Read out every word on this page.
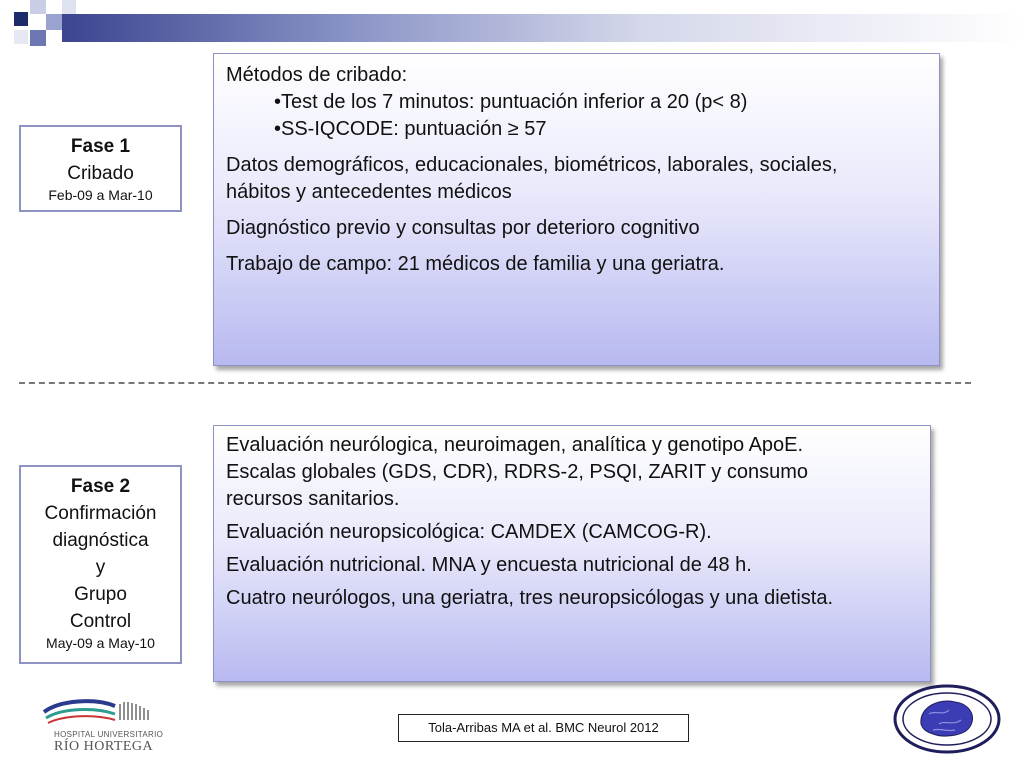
Fase 1
Cribado
Feb-09 a Mar-10
Métodos de cribado:
•Test de los 7 minutos: puntuación inferior a 20 (p< 8)
•SS-IQCODE: puntuación ≥ 57
Datos demográficos, educacionales, biométricos, laborales, sociales,
hábitos y antecedentes médicos
Diagnóstico previo y consultas por deterioro cognitivo
Trabajo de campo: 21 médicos de familia y una geriatra.
Fase 2
Confirmación
diagnóstica
y
Grupo
Control
May-09 a May-10
Evaluación neurólogica, neuroimagen, analítica y genotipo ApoE.
Escalas globales (GDS, CDR), RDRS-2, PSQI, ZARIT y consumo
recursos sanitarios.
Evaluación neuropsicológica: CAMDEX (CAMCOG-R).
Evaluación nutricional. MNA y encuesta nutricional de 48 h.
Cuatro neurólogos, una geriatra, tres neuropsicólogas y una dietista.
Tola-Arribas MA et al. BMC Neurol 2012
HOSPITAL UNIVERSITARIO
RÍO HORTEGA
